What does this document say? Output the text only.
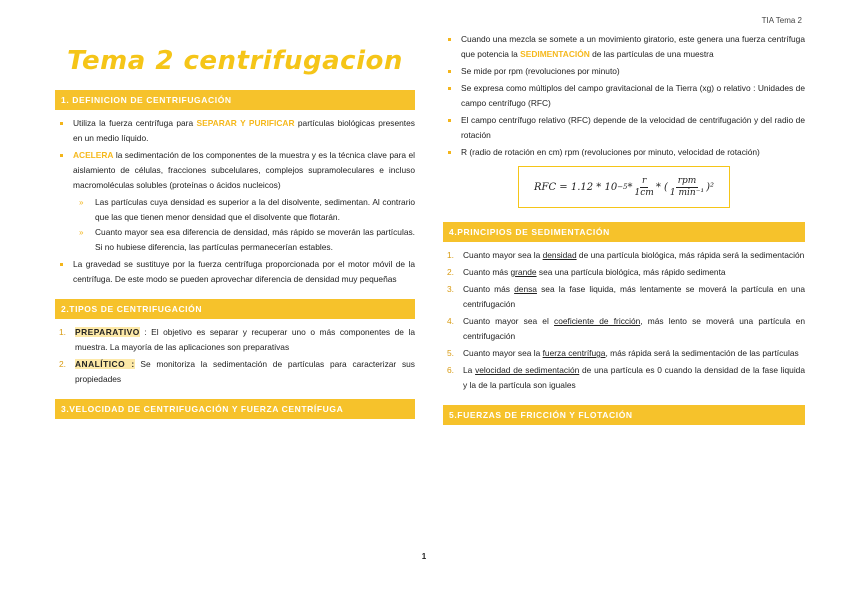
TIA Tema 2
Tema 2 centrifugacion
1. DEFINICION DE CENTRIFUGACIÓN
Utiliza la fuerza centrífuga para SEPARAR Y PURIFICAR partículas biológicas presentes en un medio líquido.
ACELERA la sedimentación de los componentes de la muestra y es la técnica clave para el aislamiento de células, fracciones subcelulares, complejos supramoleculares e incluso macromoléculas solubles (proteínas o ácidos nucleicos)
» Las partículas cuya densidad es superior a la del disolvente, sedimentan. Al contrario que las que tienen menor densidad que el disolvente que flotarán.
» Cuanto mayor sea esa diferencia de densidad, más rápido se moverán las partículas. Si no hubiese diferencia, las partículas permanecerían estables.
La gravedad se sustituye por la fuerza centrífuga proporcionada por el motor móvil de la centrífuga. De este modo se pueden aprovechar diferencia de densidad muy pequeñas
2.TIPOS DE CENTRIFUGACIÓN
1. PREPARATIVO : El objetivo es separar y recuperar uno o más componentes de la muestra. La mayoría de las aplicaciones son preparativas
2. ANALÍTICO : Se monitoriza la sedimentación de partículas para caracterizar sus propiedades
3.VELOCIDAD DE CENTRIFUGACIÓN Y FUERZA CENTRÍFUGA
Cuando una mezcla se somete a un movimiento giratorio, este genera una fuerza centrífuga que potencia la SEDIMENTACIÓN de las partículas de una muestra
Se mide por rpm (revoluciones por minuto)
Se expresa como múltiplos del campo gravitacional de la Tierra (xg) o relativo : Unidades de campo centrífugo (RFC)
El campo centrífugo relativo (RFC) depende de la velocidad de centrifugación y del radio de rotación
R (radio de rotación en cm) rpm (revoluciones por minuto, velocidad de rotación)
RFC = $1.12 * 10 -5 * \frac{r}{1cm}$ * ( $\frac{\text{rpm}}{\text{1 min⁻¹}} )^2$
4.PRINCIPIOS DE SEDIMENTACIÓN
1. Cuanto mayor sea la densidad de una partícula biológica, más rápida será la sedimentación
2. Cuanto más grande sea una partícula biológica, más rápido sedimenta
3. Cuanto más densa sea la fase liquida, más lentamente se moverá la partícula en una centrifugación
4. Cuanto mayor sea el coeficiente de fricción, más lento se moverá una partícula en centrifugación
5. Cuanto mayor sea la fuerza centrífuga, más rápida será la sedimentación de las partículas
6. La velocidad de sedimentación de una partícula es 0 cuando la densidad de la fase liquida y la de la partícula son iguales
5.FUERZAS DE FRICCIÓN Y FLOTACIÓN
1
